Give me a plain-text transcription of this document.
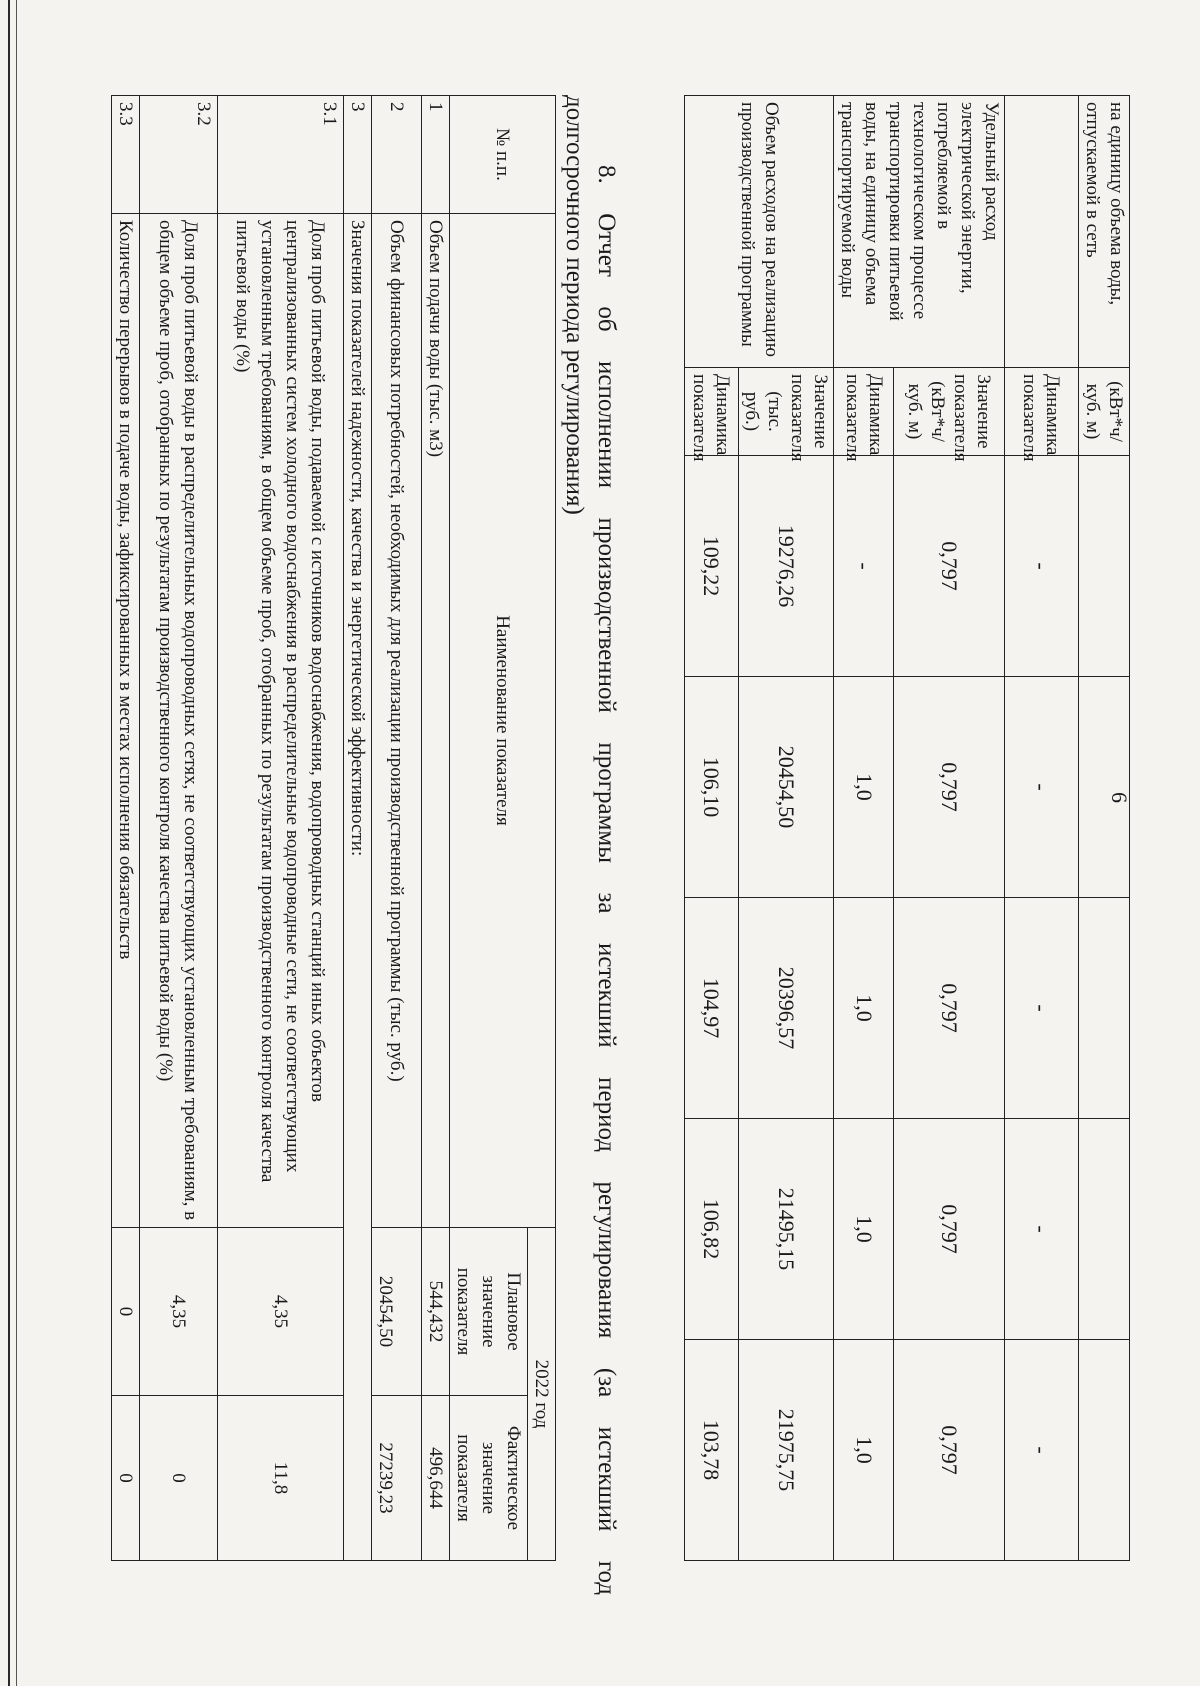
6
на единицу объема воды, отпускаемой в сеть	(кВт*ч/куб. м)					
	Динамика показателя	-	-	-	-	-
Удельный расход электрической энергии, потребляемой в технологическом процессе транспортировки питьевой воды, на единицу объема транспортируемой воды	Значение показателя (кВт*ч/куб. м)	0,797	0,797	0,797	0,797	0,797
	Динамика показателя	-	1,0	1,0	1,0	1,0
Объем расходов на реализацию производственной программы	Значение показателя (тыс. руб.)	19276,26	20454,50	20396,57	21495,15	21975,75
	Динамика показателя	109,22	106,10	104,97	106,82	103,78
8. Отчет об исполнении производственной программы за истекший период регулирования (за истекший год
долгосрочного периода регулирования)
№ п.п.	Наименование показателя	2022 год	
		Плановое значение показателя	Фактическое значение показателя
1	Объем подачи воды (тыс. м3)	544,432	496,644
2	Объем финансовых потребностей, необходимых для реализации производственной программы (тыс. руб.)	20454,50	27239,23
3	Значения показателей надежности, качества и энергетической эффективности:		
3.1	Доля проб питьевой воды, подаваемой с источников водоснабжения, водопроводных станций иных объектов централизованных систем холодного водоснабжения в распределительные водопроводные сети, не соответствующих установленным требованиям, в общем объеме проб, отобранных по результатам производственного контроля качества питьевой воды (%)	4,35	11,8
3.2	Доля проб питьевой воды в распределительных водопроводных сетях, не соответствующих установленным требованиям, в общем объеме проб, отобранных по результатам производственного контроля качества питьевой воды (%)	4,35	0
3.3	Количество перерывов в подаче воды, зафиксированных в местах исполнения обязательств	0	0
